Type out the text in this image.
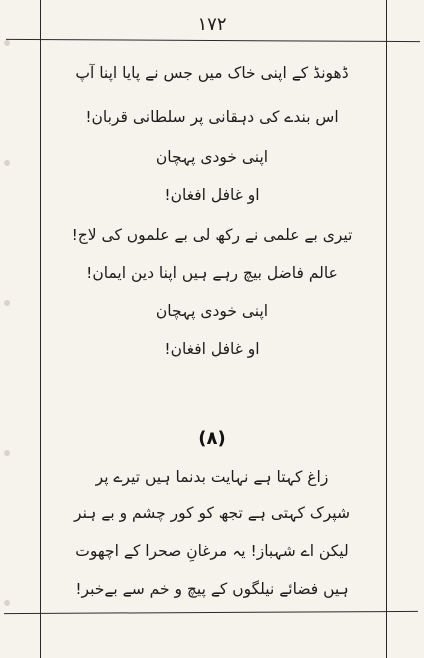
۱۷۲
ڈھونڈ کے اپنی خاک میں جس نے پایا اپنا آپ
اس بندے کی دہقانی پر سلطانی قربان!
اپنی خودی پہچان
او غافل افغان!
تیری بے علمی نے رکھ لی بے علموں کی لاج!
عالم فاضل بیچ رہے ہیں اپنا دین ایمان!
اپنی خودی پہچان
او غافل افغان!
(۸)
زاغ کہتا ہے نہایت بدنما ہیں تیرے پر
شپرک کہتی ہے تجھ کو کور چشم و بے ہنر
لیکن اے شہباز! یہ مرغانِ صحرا کے اچھوت
ہیں فضائے نیلگوں کے پیچ و خم سے بےخبر!
